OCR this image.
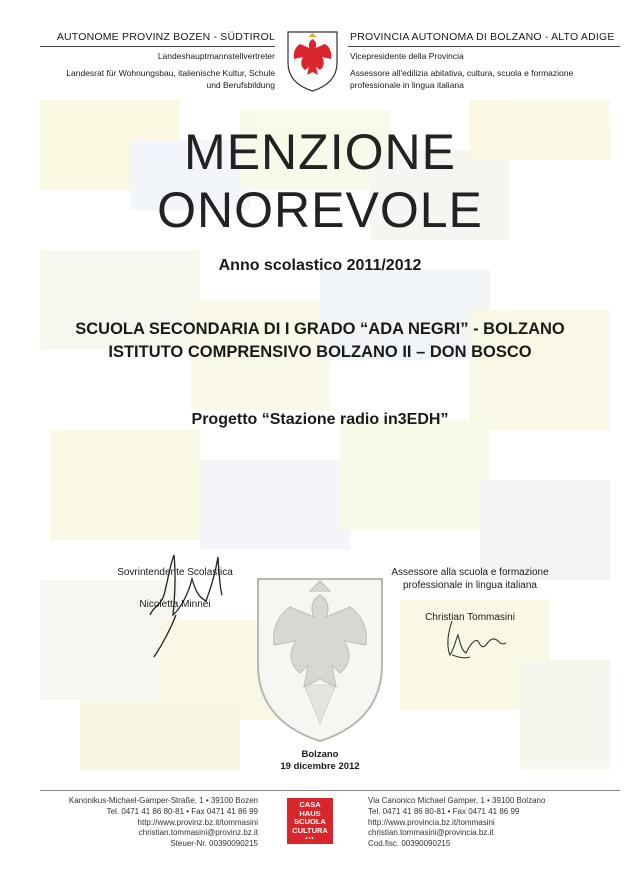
AUTONOME PROVINZ BOZEN - SÜDTIROL
Landeshauptmannstellvertreter
Landesrat für Wohnungsbau, italienische Kultur, Schule
und Berufsbildung
PROVINCIA AUTONOMA DI BOLZANO - ALTO ADIGE
Vicepresidente della Provincia
Assessore all'edilizia abitativa, cultura, scuola e formazione
professionale in lingua italiana
MENZIONE
ONOREVOLE
Anno scolastico 2011/2012
SCUOLA SECONDARIA DI I GRADO “ADA NEGRI” - BOLZANO
ISTITUTO COMPRENSIVO BOLZANO II – DON BOSCO
Progetto “Stazione radio in3EDH”
Sovrintendente Scolastica
Nicoletta Minnei
Assessore alla scuola e formazione
professionale in lingua italiana
Christian Tommasini
Bolzano
19 dicembre 2012
Kanonikus-Michael-Gamper-Straße, 1 • 39100 Bozen
Tel. 0471 41 86 80-81 • Fax 0471 41 86 99
http://www.provinz.bz.it/tommasini
christian.tommasini@provinz.bz.it
Steuer-Nr. 00390090215
CASA
HAUS
SCUOLA
CULTURA
•••
Via Canonico Michael Gamper, 1 • 39100 Bolzano
Tel. 0471 41 86 80-81 • Fax 0471 41 86 99
http://www.provincia.bz.it/tommasini
christian.tommasini@provincia.bz.it
Cod.fisc. 00390090215
